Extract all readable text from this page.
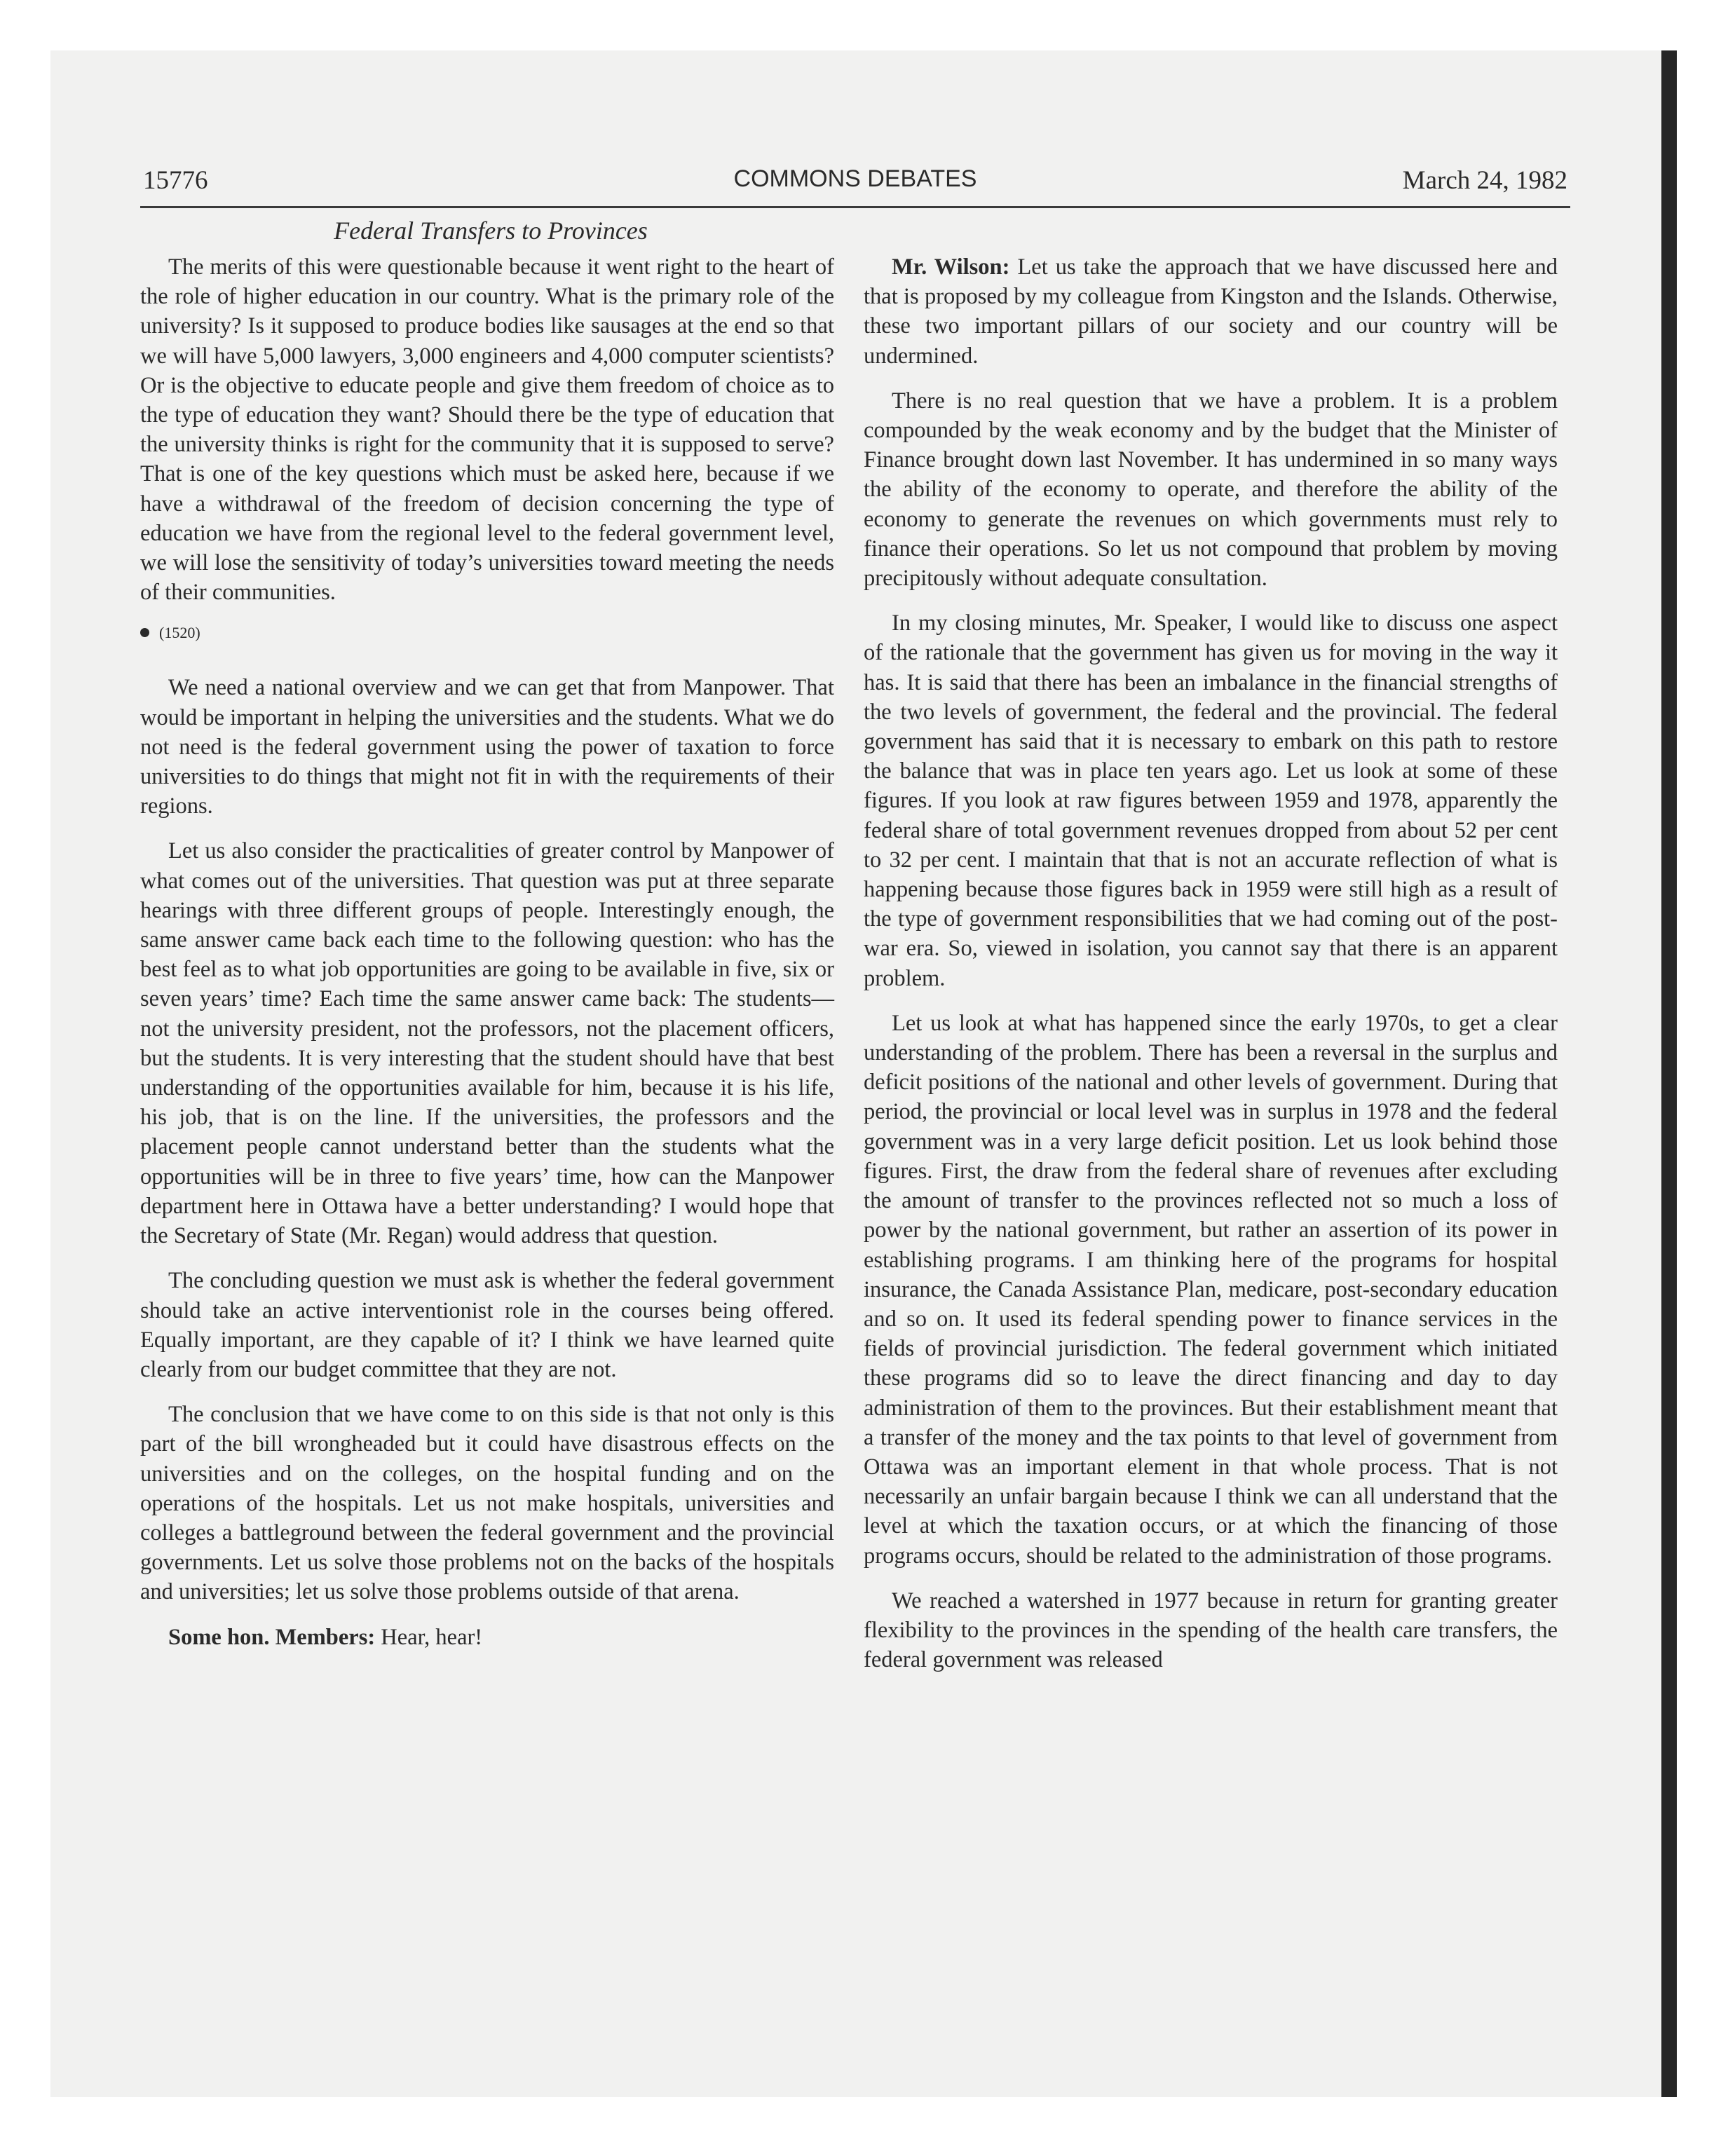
15776	COMMONS DEBATES	March 24, 1982
Federal Transfers to Provinces

The merits of this were questionable because it went right to the heart of the role of higher education in our country. What is the primary role of the university? Is it supposed to produce bodies like sausages at the end so that we will have 5,000 lawyers, 3,000 engineers and 4,000 computer scientists? Or is the objective to educate people and give them freedom of choice as to the type of education they want? Should there be the type of education that the university thinks is right for the community that it is supposed to serve? That is one of the key questions which must be asked here, because if we have a withdrawal of the freedom of decision concerning the type of education we have from the regional level to the federal government level, we will lose the sensitivity of today’s universities toward meeting the needs of their communities.

(1520)

We need a national overview and we can get that from Manpower. That would be important in helping the universities and the students. What we do not need is the federal government using the power of taxation to force universities to do things that might not fit in with the requirements of their regions.

Let us also consider the practicalities of greater control by Manpower of what comes out of the universities. That question was put at three separate hearings with three different groups of people. Interestingly enough, the same answer came back each time to the following question: who has the best feel as to what job opportunities are going to be available in five, six or seven years’ time? Each time the same answer came back: The students—not the university president, not the professors, not the placement officers, but the students. It is very interesting that the student should have that best understanding of the opportunities available for him, because it is his life, his job, that is on the line. If the universities, the professors and the placement people cannot understand better than the students what the opportunities will be in three to five years’ time, how can the Manpower department here in Ottawa have a better understanding? I would hope that the Secretary of State (Mr. Regan) would address that question.

The concluding question we must ask is whether the federal government should take an active interventionist role in the courses being offered. Equally important, are they capable of it? I think we have learned quite clearly from our budget committee that they are not.

The conclusion that we have come to on this side is that not only is this part of the bill wrongheaded but it could have disastrous effects on the universities and on the colleges, on the hospital funding and on the operations of the hospitals. Let us not make hospitals, universities and colleges a battleground between the federal government and the provincial governments. Let us solve those problems not on the backs of the hospitals and universities; let us solve those problems outside of that arena.

Some hon. Members: Hear, hear!

Mr. Wilson: Let us take the approach that we have discussed here and that is proposed by my colleague from Kingston and the Islands. Otherwise, these two important pillars of our society and our country will be undermined.

There is no real question that we have a problem. It is a problem compounded by the weak economy and by the budget that the Minister of Finance brought down last November. It has undermined in so many ways the ability of the economy to operate, and therefore the ability of the economy to generate the revenues on which governments must rely to finance their operations. So let us not compound that problem by moving precipitously without adequate consultation.

In my closing minutes, Mr. Speaker, I would like to discuss one aspect of the rationale that the government has given us for moving in the way it has. It is said that there has been an imbalance in the financial strengths of the two levels of government, the federal and the provincial. The federal government has said that it is necessary to embark on this path to restore the balance that was in place ten years ago. Let us look at some of these figures. If you look at raw figures between 1959 and 1978, apparently the federal share of total government revenues dropped from about 52 per cent to 32 per cent. I maintain that that is not an accurate reflection of what is happening because those figures back in 1959 were still high as a result of the type of government responsibilities that we had coming out of the post-war era. So, viewed in isolation, you cannot say that there is an apparent problem.

Let us look at what has happened since the early 1970s, to get a clear understanding of the problem. There has been a reversal in the surplus and deficit positions of the national and other levels of government. During that period, the provincial or local level was in surplus in 1978 and the federal government was in a very large deficit position. Let us look behind those figures. First, the draw from the federal share of revenues after excluding the amount of transfer to the provinces reflected not so much a loss of power by the national government, but rather an assertion of its power in establishing programs. I am thinking here of the programs for hospital insurance, the Canada Assistance Plan, medicare, post-secondary education and so on. It used its federal spending power to finance services in the fields of provincial jurisdiction. The federal government which initiated these programs did so to leave the direct financing and day to day administration of them to the provinces. But their establishment meant that a transfer of the money and the tax points to that level of government from Ottawa was an important element in that whole process. That is not necessarily an unfair bargain because I think we can all understand that the level at which the taxation occurs, or at which the financing of those programs occurs, should be related to the administration of those programs.

We reached a watershed in 1977 because in return for granting greater flexibility to the provinces in the spending of the health care transfers, the federal government was released
